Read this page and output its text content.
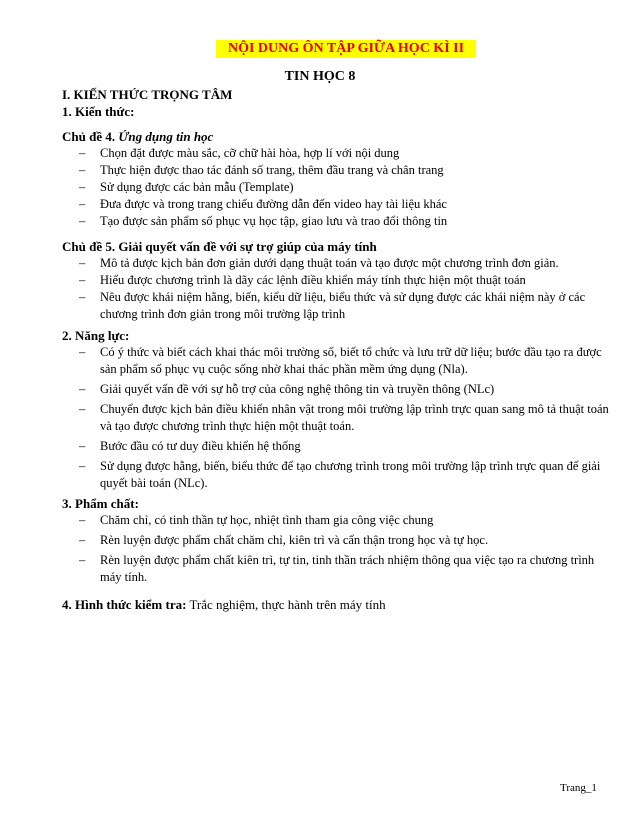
NỘI DUNG ÔN TẬP GIỮA HỌC KÌ II
TIN HỌC 8
I. KIẾN THỨC TRỌNG TÂM
1. Kiến thức:
Chủ đề 4. Ứng dụng tin học
– Chọn đặt được màu sắc, cỡ chữ hài hòa, hợp lí với nội dung
– Thực hiện được thao tác đánh số trang, thêm đầu trang và chân trang
– Sử dụng được các bản mẫu (Template)
– Đưa được và trong trang chiếu đường dẫn đến video hay tài liệu khác
– Tạo được sản phẩm số phục vụ học tập, giao lưu và trao đổi thông tin
Chủ đề 5. Giải quyết vấn đề với sự trợ giúp của máy tính
– Mô tả được kịch bản đơn giản dưới dạng thuật toán và tạo được một chương trình đơn giản.
– Hiểu được chương trình là dãy các lệnh điều khiển máy tính thực hiện một thuật toán
– Nêu được khái niệm hằng, biến, kiểu dữ liệu, biểu thức và sử dụng được các khái niệm này ở các chương trình đơn giản trong môi trường lập trình
2. Năng lực:
– Có ý thức và biết cách khai thác môi trường số, biết tổ chức và lưu trữ dữ liệu; bước đầu tạo ra được sản phẩm số phục vụ cuộc sống nhờ khai thác phần mềm ứng dụng (Nla).
– Giải quyết vấn đề với sự hỗ trợ của công nghệ thông tin và truyền thông (NLc)
– Chuyển được kịch bản điều khiển nhân vật trong môi trường lập trình trực quan sang mô tả thuật toán và tạo được chương trình thực hiện một thuật toán.
– Bước đầu có tư duy điều khiển hệ thống
– Sử dụng được hằng, biến, biểu thức để tạo chương trình trong môi trường lập trình trực quan để giải quyết bài toán (NLc).
3. Phẩm chất:
– Chăm chỉ, có tinh thần tự học, nhiệt tình tham gia công việc chung
– Rèn luyện được phẩm chất chăm chỉ, kiên trì và cẩn thận trong học và tự học.
– Rèn luyện được phẩm chất kiên trì, tự tin, tinh thần trách nhiệm thông qua việc tạo ra chương trình máy tính.
4. Hình thức kiểm tra: Trắc nghiệm, thực hành trên máy tính
Trang_1
